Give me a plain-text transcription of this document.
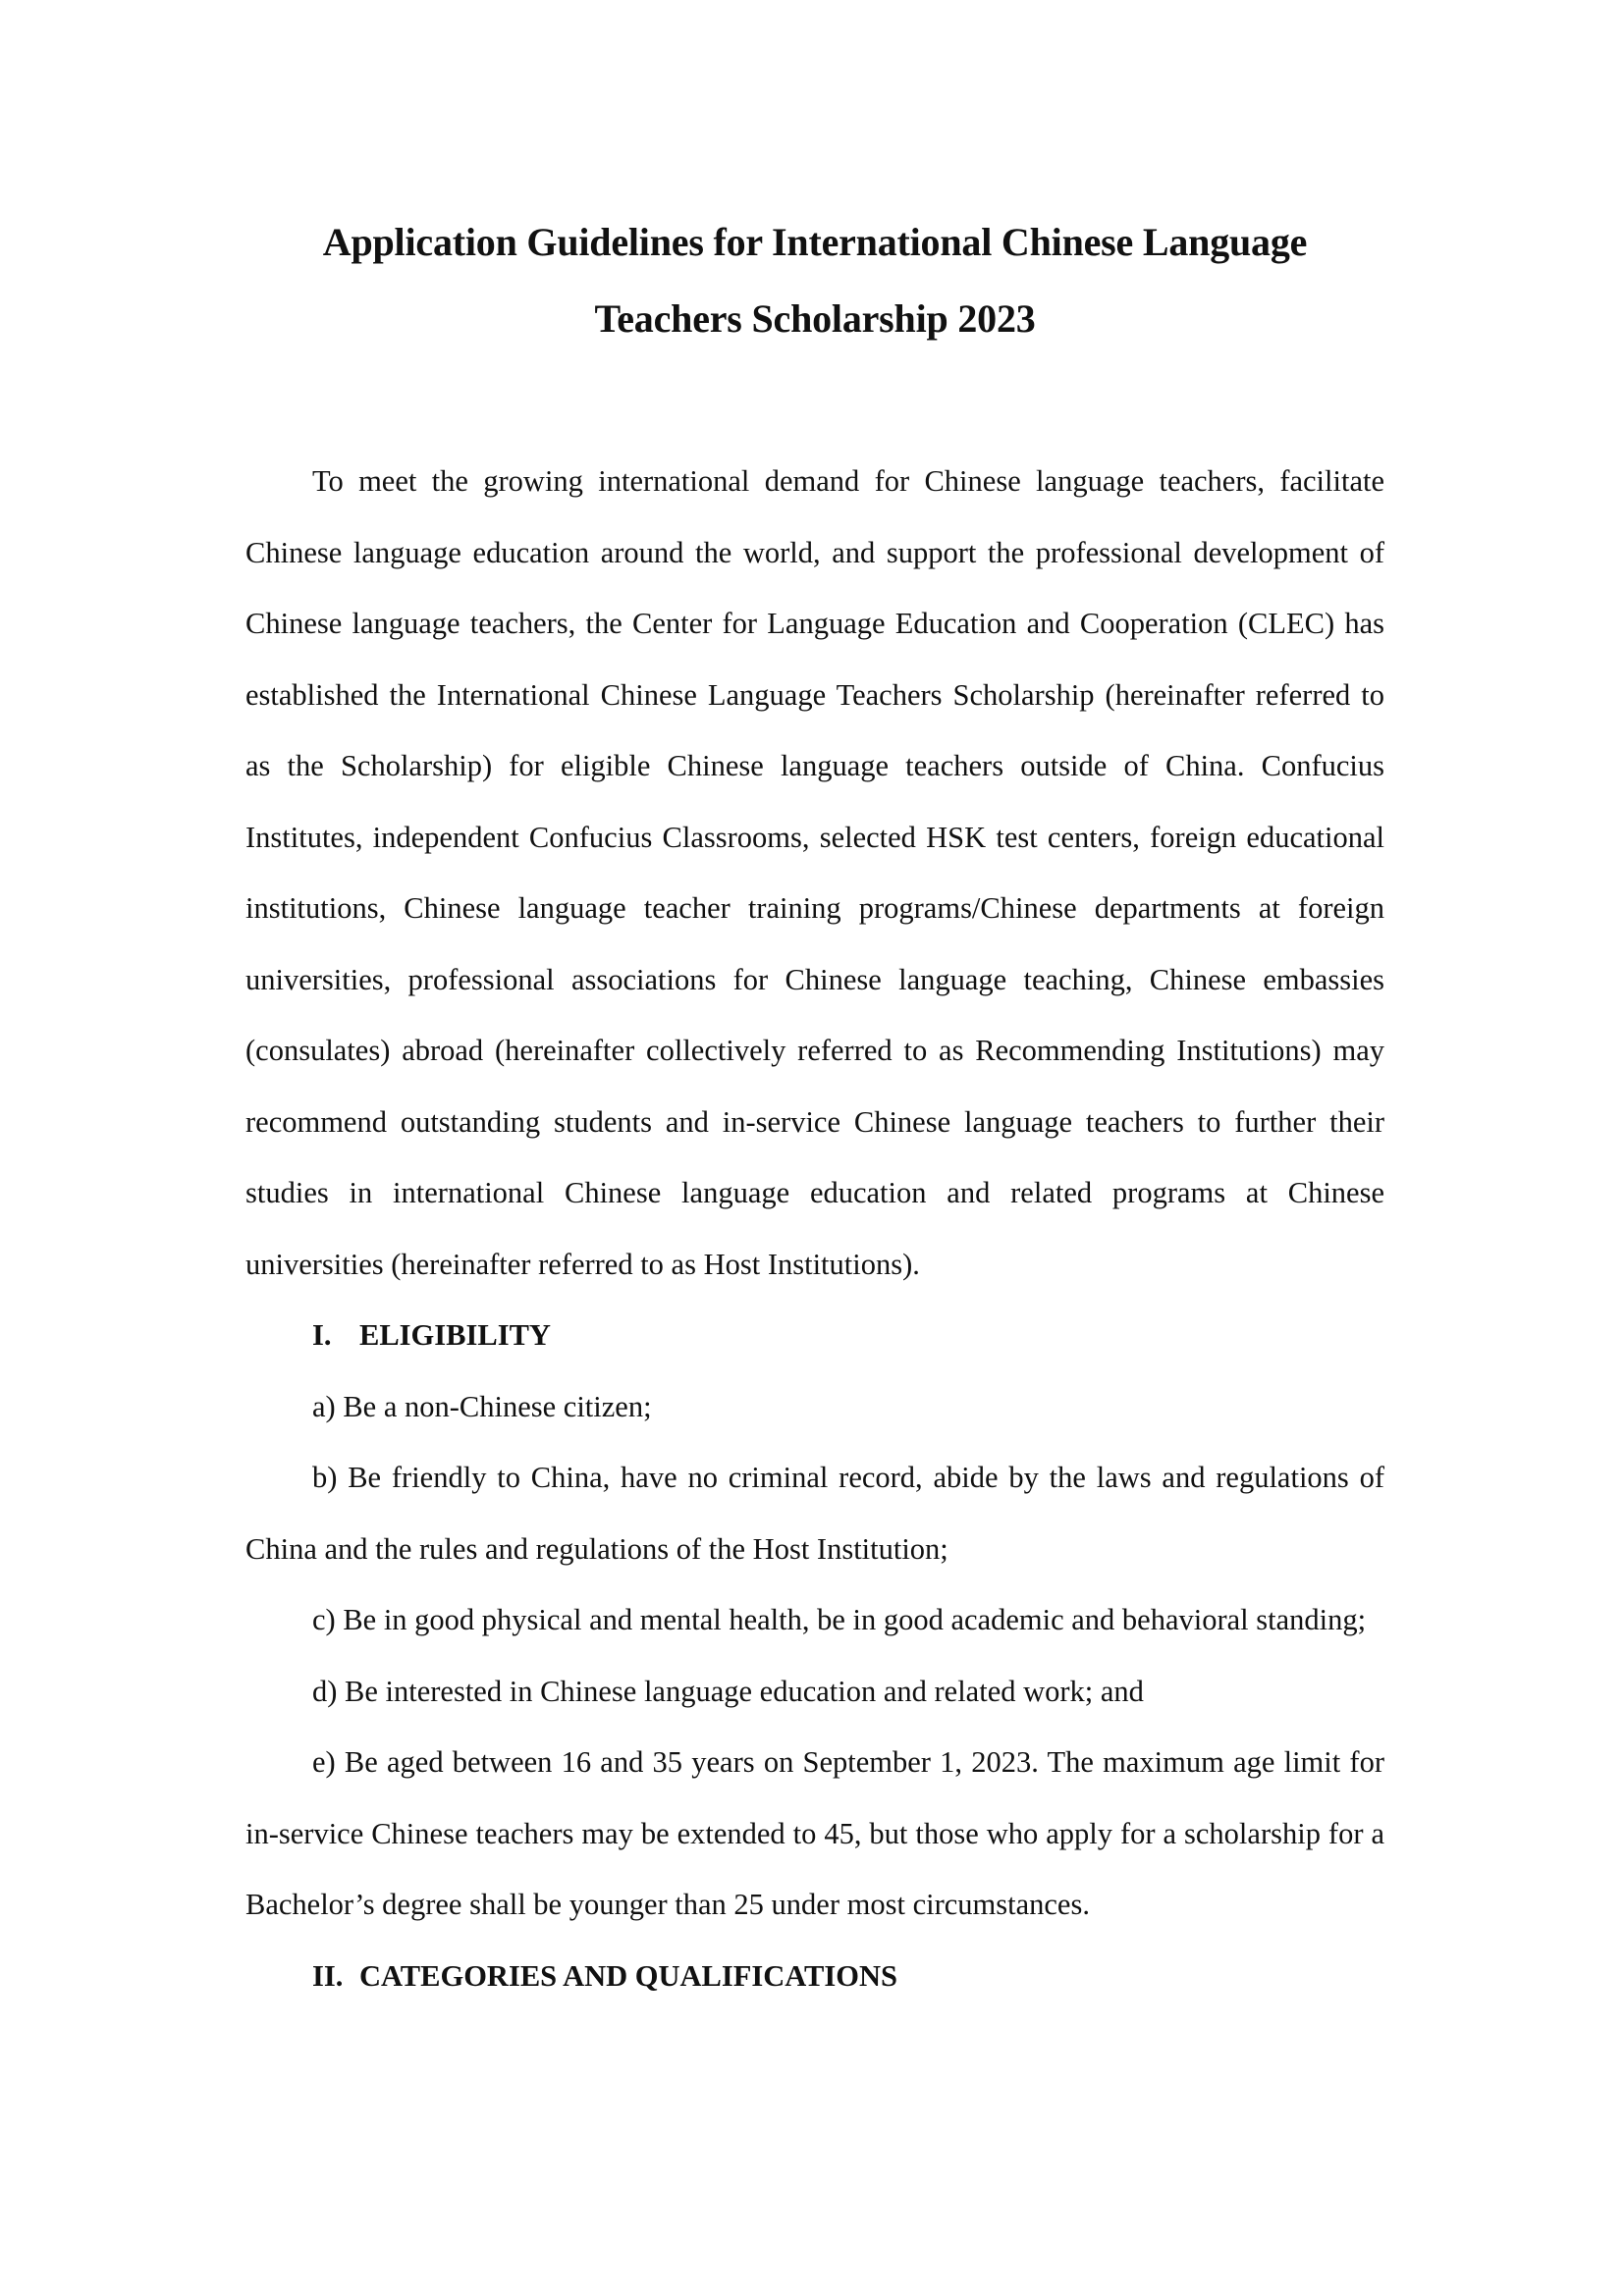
Application Guidelines for International Chinese Language
Teachers Scholarship 2023

To meet the growing international demand for Chinese language teachers, facilitate Chinese language education around the world, and support the professional development of Chinese language teachers, the Center for Language Education and Cooperation (CLEC) has established the International Chinese Language Teachers Scholarship (hereinafter referred to as the Scholarship) for eligible Chinese language teachers outside of China. Confucius Institutes, independent Confucius Classrooms, selected HSK test centers, foreign educational institutions, Chinese language teacher training programs/Chinese departments at foreign universities, professional associations for Chinese language teaching, Chinese embassies (consulates) abroad (hereinafter collectively referred to as Recommending Institutions) may recommend outstanding students and in-service Chinese language teachers to further their studies in international Chinese language education and related programs at Chinese universities (hereinafter referred to as Host Institutions).

I. ELIGIBILITY

a) Be a non-Chinese citizen;

b) Be friendly to China, have no criminal record, abide by the laws and regulations of China and the rules and regulations of the Host Institution;

c) Be in good physical and mental health, be in good academic and behavioral standing;

d) Be interested in Chinese language education and related work; and

e) Be aged between 16 and 35 years on September 1, 2023. The maximum age limit for in-service Chinese teachers may be extended to 45, but those who apply for a scholarship for a Bachelor’s degree shall be younger than 25 under most circumstances.

II. CATEGORIES AND QUALIFICATIONS
